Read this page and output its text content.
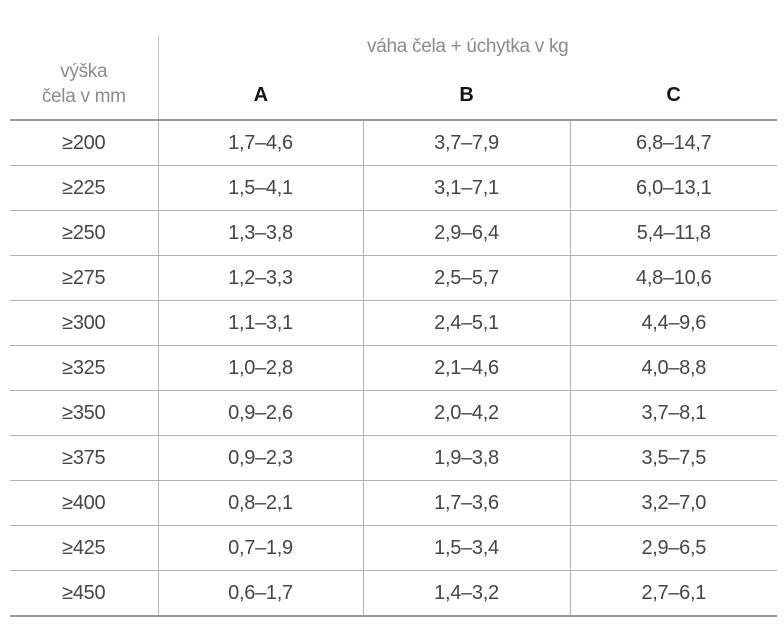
výška
čela v mm	váha čela + úchytka v kg		
	A	B	C
≥200	1,7–4,6	3,7–7,9	6,8–14,7
≥225	1,5–4,1	3,1–7,1	6,0–13,1
≥250	1,3–3,8	2,9–6,4	5,4–11,8
≥275	1,2–3,3	2,5–5,7	4,8–10,6
≥300	1,1–3,1	2,4–5,1	4,4–9,6
≥325	1,0–2,8	2,1–4,6	4,0–8,8
≥350	0,9–2,6	2,0–4,2	3,7–8,1
≥375	0,9–2,3	1,9–3,8	3,5–7,5
≥400	0,8–2,1	1,7–3,6	3,2–7,0
≥425	0,7–1,9	1,5–3,4	2,9–6,5
≥450	0,6–1,7	1,4–3,2	2,7–6,1
